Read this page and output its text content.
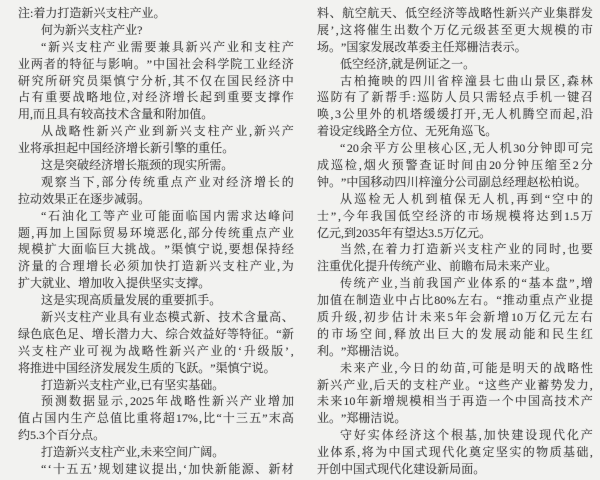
注 : 着 力 打 造 新 兴 支 柱 产 业 。
何 为 新 兴 支 柱 产 业 ?
“ 新 兴 支 柱 产 业 需 要 兼 具 新 兴 产 业 和 支 柱 产
业 两 者 的 特 征 与 影 响 。 ” 中 国 社 会 科 学 院 工 业 经 济
研 究 所 研 究 员 渠 慎 宁 分 析 , 其 不 仅 在 国 民 经 济 中
占 有 重 要 战 略 地 位 , 对 经 济 增 长 起 到 重 要 支 撑 作
用 , 而 且 具 有 较 高 技 术 含 量 和 附 加 值 。
从 战 略 性 新 兴 产 业 到 新 兴 支 柱 产 业 , 新 兴 产
业 将 承 担 起 中 国 经 济 增 长 新 引 擎 的 重 任 。
这 是 突 破 经 济 增 长 瓶 颈 的 现 实 所 需 。
观 察 当 下 , 部 分 传 统 重 点 产 业 对 经 济 增 长 的
拉 动 效 果 正 在 逐 步 减 弱 。
“ 石 油 化 工 等 产 业 可 能 面 临 国 内 需 求 达 峰 问
题 , 再 加 上 国 际 贸 易 环 境 恶 化 , 部 分 传 统 重 点 产 业
规 模 扩 大 面 临 巨 大 挑 战 。 ” 渠 慎 宁 说 , 要 想 保 持 经
济 量 的 合 理 增 长 必 须 加 快 打 造 新 兴 支 柱 产 业 , 为
扩 大 就 业 、 增 加 收 入 提 供 坚 实 支 撑 。
这 是 实 现 高 质 量 发 展 的 重 要 抓 手 。
新 兴 支 柱 产 业 具 有 业 态 模 式 新 、 技 术 含 量 高 、
绿 色 底 色 足 、 增 长 潜 力 大 、 综 合 效 益 好 等 特 征 。 “ 新
兴 支 柱 产 业 可 视 为 战 略 性 新 兴 产 业 的 ‘ 升 级 版 ’ ,
将 推 进 中 国 经 济 发 展 发 生 质 的 飞 跃 。 ” 渠 慎 宁 说 。
打 造 新 兴 支 柱 产 业 , 已 有 坚 实 基 础 。
预 测 数 据 显 示 , 2025 年 战 略 性 新 兴 产 业 增 加
值 占 国 内 生 产 总 值 比 重 将 超 17% , 比 “ 十 三 五 ” 末 高
约 5.3 个 百 分 点 。
打 造 新 兴 支 柱 产 业 , 未 来 空 间 广 阔 。
“ ‘ 十 五 五 ’ 规 划 建 议 提 出 , ‘ 加 快 新 能 源 、 新 材
料 、 航 空 航 天 、 低 空 经 济 等 战 略 性 新 兴 产 业 集 群 发
展 ’ , 这 将 催 生 出 数 个 万 亿 元 级 甚 至 更 大 规 模 的 市
场 。 ” 国 家 发 展 改 革 委 主 任 郑 栅 洁 表 示 。
低 空 经 济 , 就 是 例 证 之 一 。
古 柏 掩 映 的 四 川 省 梓 潼 县 七 曲 山 景 区 , 森 林
巡 防 有 了 新 帮 手 : 巡 防 人 员 只 需 轻 点 手 机 一 键 召
唤 , 3 公 里 外 的 机 塔 缓 缓 打 开 , 无 人 机 腾 空 而 起 , 沿
着 设 定 线 路 全 方 位 、 无 死 角 巡 飞 。
“ 20 余 平 方 公 里 核 心 区 , 无 人 机 30 分 钟 即 可 完
成 巡 检 , 烟 火 预 警 查 证 时 间 由 20 分 钟 压 缩 至 2 分
钟 。 ” 中 国 移 动 四 川 梓 潼 分 公 司 副 总 经 理 赵 松 柏 说 。
从 巡 检 无 人 机 到 植 保 无 人 机 , 再 到 “ 空 中 的
士 ” , 今 年 我 国 低 空 经 济 的 市 场 规 模 将 达 到 1.5 万
亿 元 , 到 2035 年 有 望 达 3.5 万 亿 元 。
当 然 , 在 着 力 打 造 新 兴 支 柱 产 业 的 同 时 , 也 要
注 重 优 化 提 升 传 统 产 业 、 前 瞻 布 局 未 来 产 业 。
传 统 产 业 , 当 前 我 国 产 业 体 系 的 “ 基 本 盘 ” , 增
加 值 在 制 造 业 中 占 比 80% 左 右 。 “ 推 动 重 点 产 业 提
质 升 级 , 初 步 估 计 未 来 5 年 会 新 增 10 万 亿 元 左 右
的 市 场 空 间 , 释 放 出 巨 大 的 发 展 动 能 和 民 生 红
利 。 ” 郑 栅 洁 说 。
未 来 产 业 , 今 日 的 幼 苗 , 可 能 是 明 天 的 战 略 性
新 兴 产 业 , 后 天 的 支 柱 产 业 。 “ 这 些 产 业 蓄 势 发 力 ,
未 来 10 年 新 增 规 模 相 当 于 再 造 一 个 中 国 高 技 术 产
业 。 ” 郑 栅 洁 说 。
守 好 实 体 经 济 这 个 根 基 , 加 快 建 设 现 代 化 产
业 体 系 , 将 为 中 国 式 现 代 化 奠 定 坚 实 的 物 质 基 础 ,
开 创 中 国 式 现 代 化 建 设 新 局 面 。
